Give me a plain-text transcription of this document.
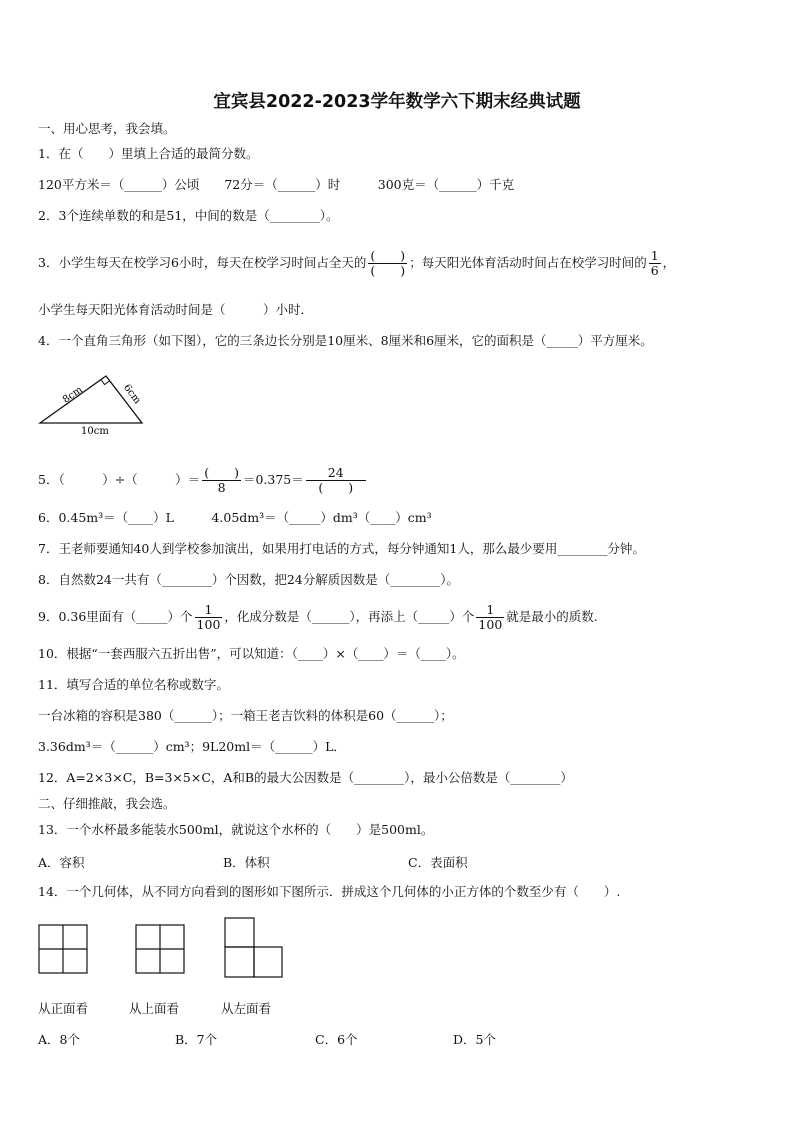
宜宾县2022-2023学年数学六下期末经典试题
一、用心思考，我会填。
1．在（　　）里填上合适的最简分数。
120平方米＝（______）公顷　　72分＝（______）时　　　300克＝（______）千克
2．3个连续单数的和是51，中间的数是（________）。
3．小学生每天在校学习6小时，每天在校学习时间占全天的 $\frac{( )}{( )}$ ；每天阳光体育活动时间占在校学习时间的 $\frac{1}{6}$ ，
小学生每天阳光体育活动时间是（　　　）小时．
4．一个直角三角形（如下图），它的三条边长分别是10厘米、8厘米和6厘米，它的面积是（_____）平方厘米。
8cm	6cm
10cm
5．（　　　）÷（　　　）＝ $\frac{( )}{8} =0.375= \frac{24}{( )}$
6．0.45m³＝（____）L　　　4.05dm³＝（_____）dm³（____）cm³
7．王老师要通知40人到学校参加演出，如果用打电话的方式，每分钟通知1人，那么最少要用________分钟。
8．自然数24一共有（________）个因数，把24分解质因数是（________）。
9．0.36里面有（_____）个 $\frac{1}{100}$ ，化成分数是（______），再添上（_____）个 $\frac{1}{100}$ 就是最小的质数.
10．根据“一套西服六五折出售”，可以知道：（____）×（____）＝（____）。
11．填写合适的单位名称或数字。
一台冰箱的容积是380（______）；一箱王老吉饮料的体积是60（______）；
3.36dm³＝（______）cm³；9L20ml＝（______）L．
12．A=2×3×C，B=3×5×C，A和B的最大公因数是（________），最小公倍数是（________）
二、仔细推敲，我会选。
13．一个水杯最多能装水500ml，就说这个水杯的（　　）是500ml。
A．容积	B．体积	C．表面积
14．一个几何体，从不同方向看到的图形如下图所示．拼成这个几何体的小正方体的个数至少有（　　）.
从正面看	从上面看	从左面看
A．8个	B．7个	C．6个	D．5个
